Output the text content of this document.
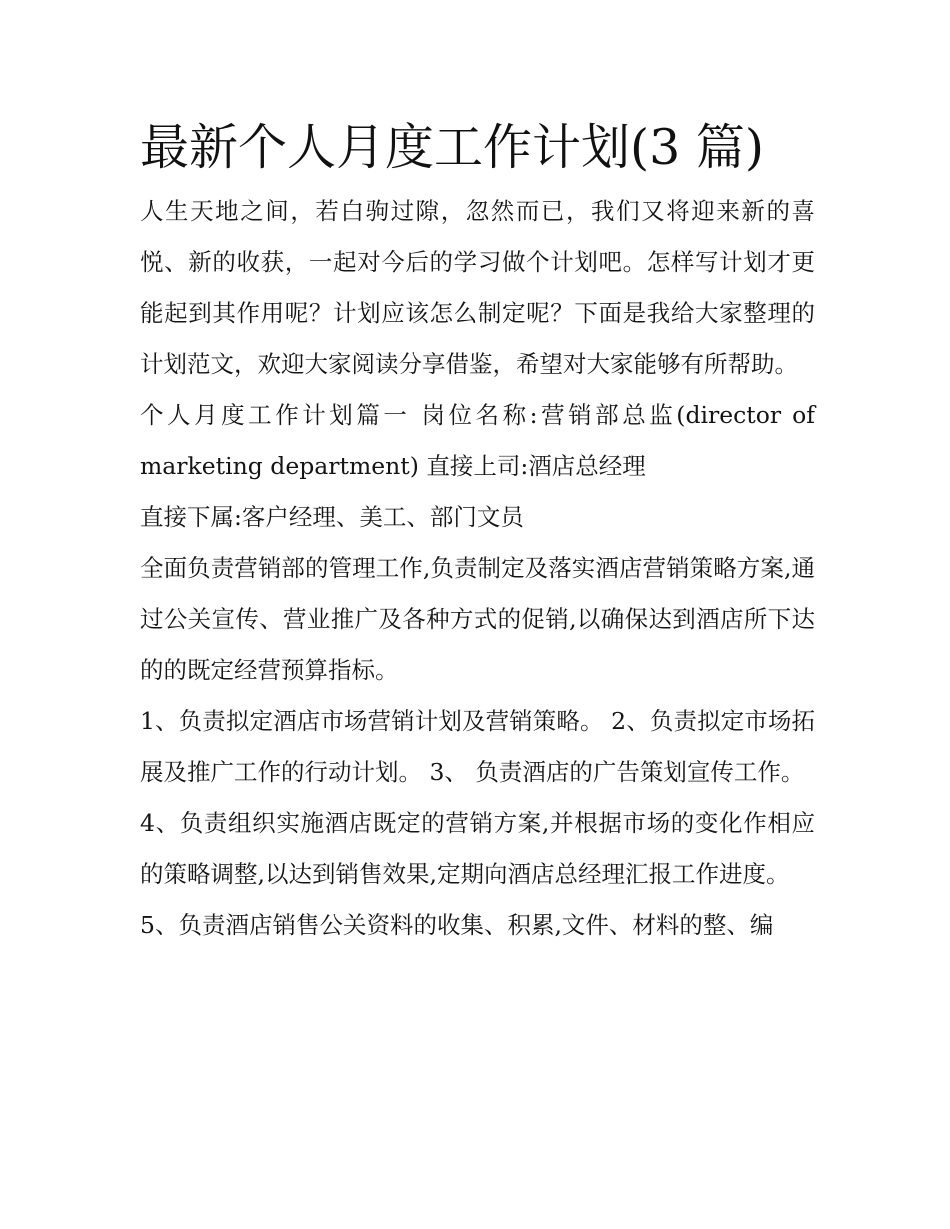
最新个人月度工作计划(3 篇)

人生天地之间，若白驹过隙，忽然而已，我们又将迎来新的喜悦、新的收获，一起对今后的学习做个计划吧。怎样写计划才更能起到其作用呢？计划应该怎么制定呢？下面是我给大家整理的计划范文，欢迎大家阅读分享借鉴，希望对大家能够有所帮助。

个人月度工作计划篇一 岗位名称:营销部总监(director of marketing department) 直接上司:酒店总经理

直接下属:客户经理、美工、部门文员

全面负责营销部的管理工作,负责制定及落实酒店营销策略方案,通过公关宣传、营业推广及各种方式的促销,以确保达到酒店所下达的的既定经营预算指标。

1、负责拟定酒店市场营销计划及营销策略。 2、负责拟定市场拓展及推广工作的行动计划。 3、 负责酒店的广告策划宣传工作。

4、负责组织实施酒店既定的营销方案,并根据市场的变化作相应的策略调整,以达到销售效果,定期向酒店总经理汇报工作进度。

5、负责酒店销售公关资料的收集、积累,文件、材料的整、编
